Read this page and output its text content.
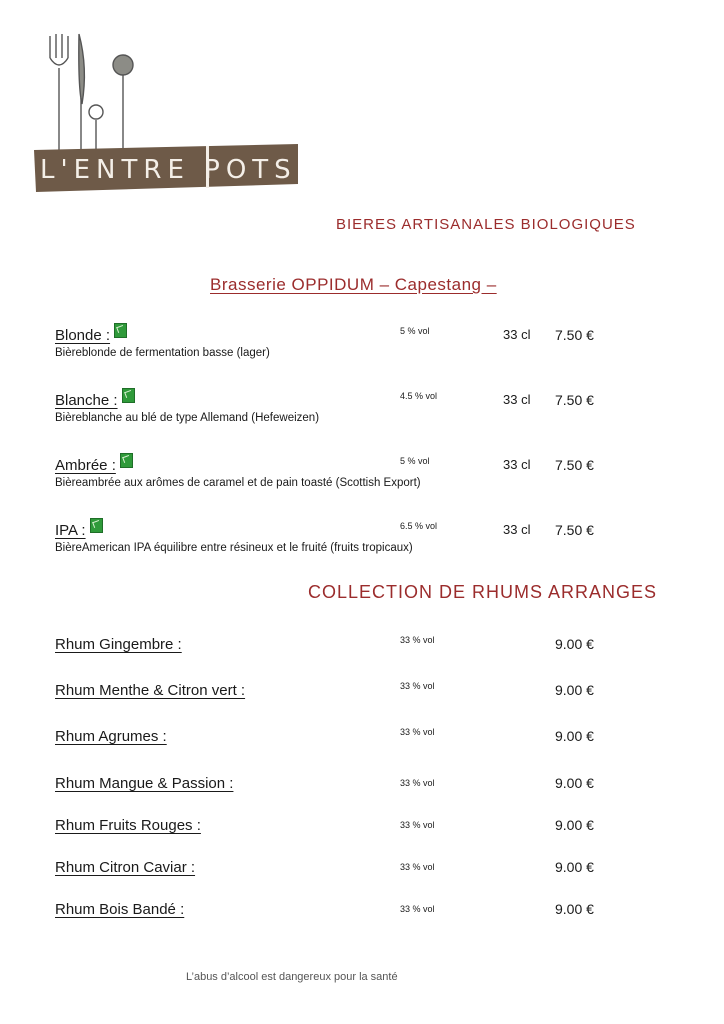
L'ENTRE POTS
BIERES ARTISANALES BIOLOGIQUES
Brasserie OPPIDUM – Capestang –
Blonde :
Bièreblonde de fermentation basse (lager)
5 % vol	33 cl 7.50 €
Blanche :
Bièreblanche au blé de type Allemand (Hefeweizen)
4.5 % vol	33 cl 7.50 €
Ambrée :
Bièreambrée aux arômes de caramel et de pain toasté (Scottish Export)
5 % vol	33 cl 7.50 €
IPA :
BièreAmerican IPA équilibre entre résineux et le fruité (fruits tropicaux)
6.5 % vol	33 cl 7.50 €
COLLECTION DE RHUMS ARRANGES
Rhum Gingembre :	33 % vol	9.00 €
Rhum Menthe & Citron vert :	33 % vol	9.00 €
Rhum Agrumes :	33 % vol	9.00 €
Rhum Mangue & Passion :	33 % vol	9.00 €
Rhum Fruits Rouges :	33 % vol	9.00 €
Rhum Citron Caviar :	33 % vol	9.00 €
Rhum Bois Bandé :	33 % vol	9.00 €
L’abus d’alcool est dangereux pour la santé
